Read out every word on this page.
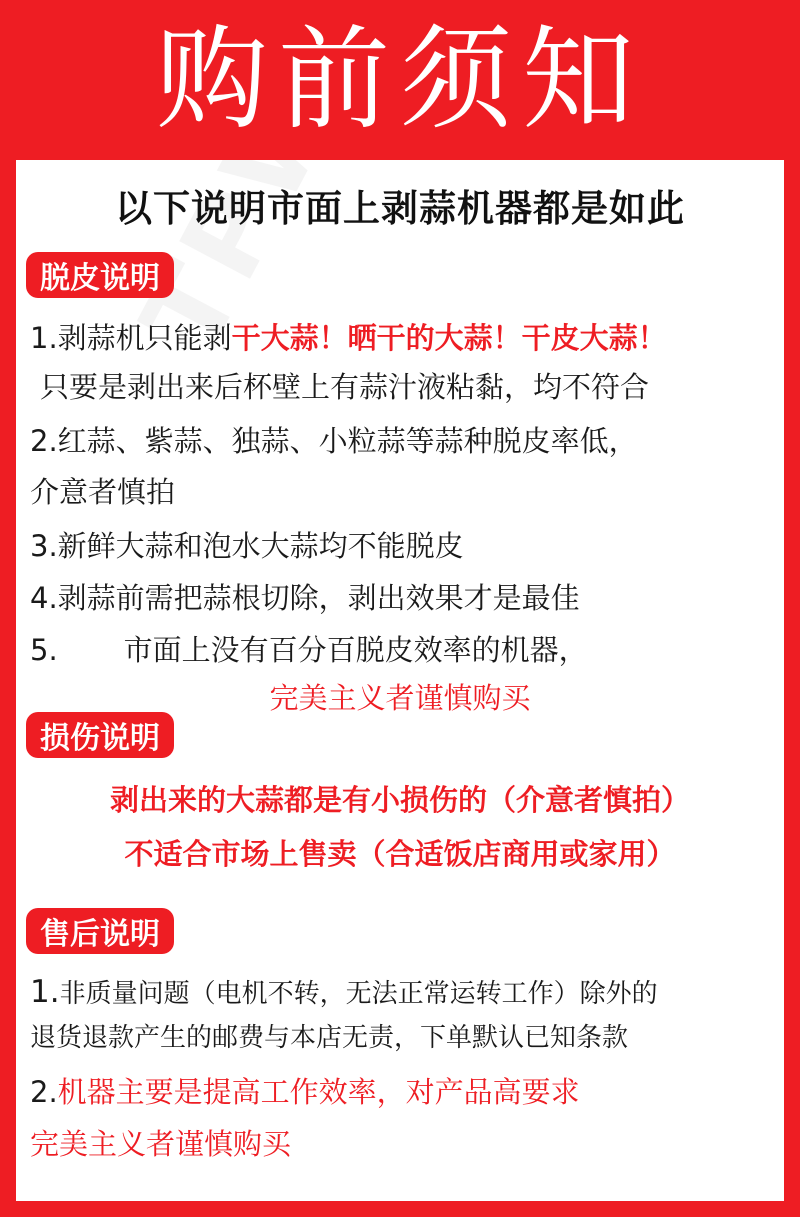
购前须知
以下说明市面上剥蒜机器都是如此
脱皮说明
1.剥蒜机只能剥干大蒜！晒干的大蒜！干皮大蒜！
只要是剥出来后杯壁上有蒜汁液粘黏，均不符合
2.红蒜、紫蒜、独蒜、小粒蒜等蒜种脱皮率低，
介意者慎拍
3.新鲜大蒜和泡水大蒜均不能脱皮
4.剥蒜前需把蒜根切除，剥出效果才是最佳
5. 市面上没有百分百脱皮效率的机器，
完美主义者谨慎购买
损伤说明
剥出来的大蒜都是有小损伤的（介意者慎拍）
不适合市场上售卖（合适饭店商用或家用）
售后说明
1.非质量问题（电机不转，无法正常运转工作）除外的
退货退款产生的邮费与本店无责，下单默认已知条款
2.机器主要是提高工作效率，对产品高要求
完美主义者谨慎购买
